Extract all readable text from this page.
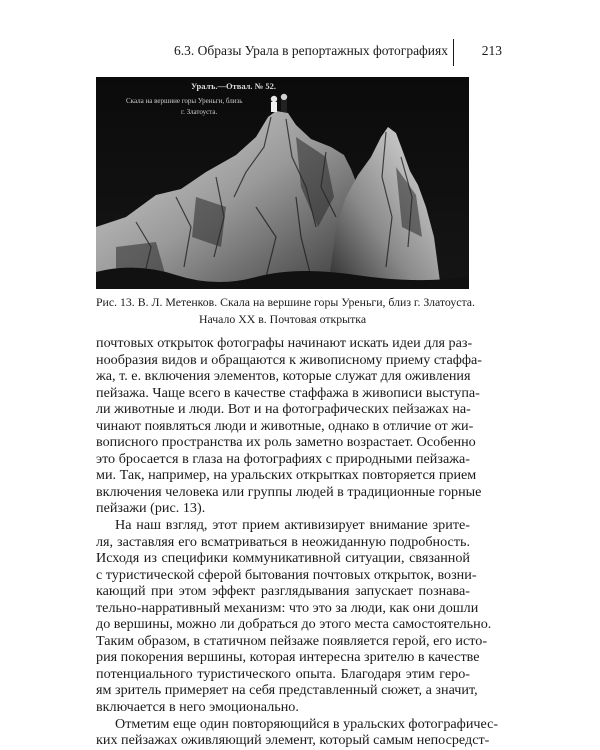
6.3. Образы Урала в репортажных фотографиях	213
Уралъ.—Отвал. № 52.
Скала на вершине горы Уреньги, близь
г. Златоуста.
Рис. 13. В. Л. Метенков. Скала на вершине горы Уреньги, близ г. Златоуста.
Начало XX в. Почтовая открытка
почтовых открыток фотографы начинают искать идеи для раз-
нообразия видов и обращаются к живописному приему стаффа-
жа, т. е. включения элементов, которые служат для оживления
пейзажа. Чаще всего в качестве стаффажа в живописи выступа-
ли животные и люди. Вот и на фотографических пейзажах на-
чинают появляться люди и животные, однако в отличие от жи-
вописного пространства их роль заметно возрастает. Особенно
это бросается в глаза на фотографиях с природными пейзажа-
ми. Так, например, на уральских открытках повторяется прием
включения человека или группы людей в традиционные горные
пейзажи (рис. 13).
На наш взгляд, этот прием активизирует внимание зрите-
ля, заставляя его всматриваться в неожиданную подробность.
Исходя из специфики коммуникативной ситуации, связанной
с туристической сферой бытования почтовых открыток, возни-
кающий при этом эффект разглядывания запускает познава-
тельно-нарративный механизм: что это за люди, как они дошли
до вершины, можно ли добраться до этого места самостоятельно.
Таким образом, в статичном пейзаже появляется герой, его исто-
рия покорения вершины, которая интересна зрителю в качестве
потенциального туристического опыта. Благодаря этим геро-
ям зритель примеряет на себя представленный сюжет, а значит,
включается в него эмоционально.
Отметим еще один повторяющийся в уральских фотографичес-
ких пейзажах оживляющий элемент, который самым непосредст-
